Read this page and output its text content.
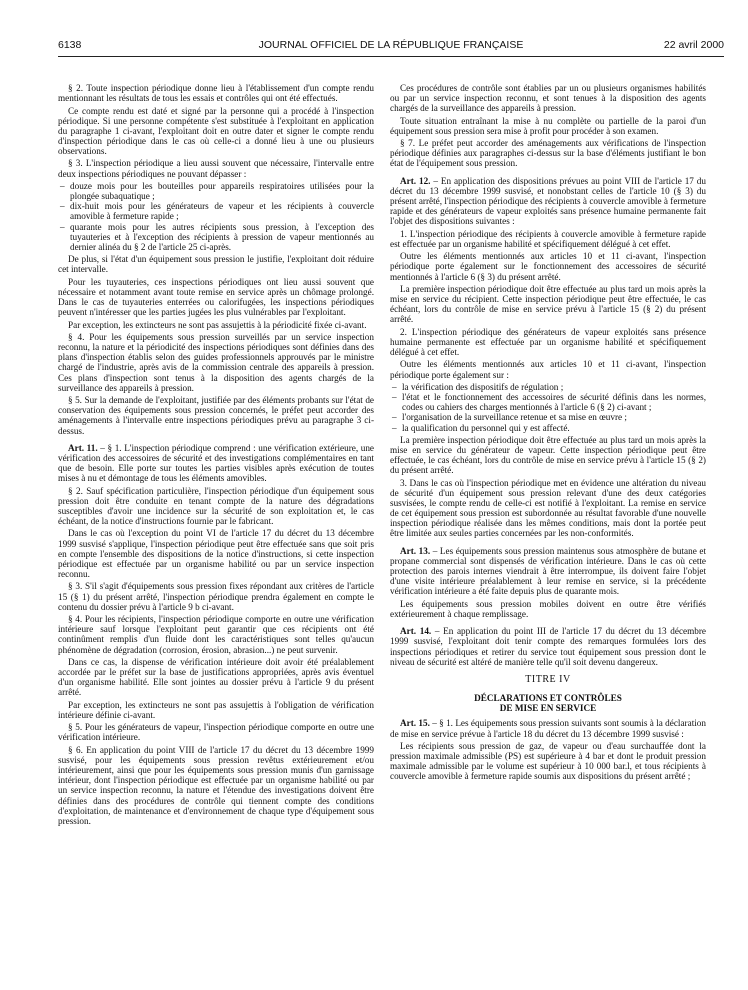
6138	JOURNAL OFFICIEL DE LA RÉPUBLIQUE FRANÇAISE	22 avril 2000

§ 2. Toute inspection périodique donne lieu à l'établissement d'un compte rendu mentionnant les résultats de tous les essais et contrôles qui ont été effectués.

Ce compte rendu est daté et signé par la personne qui a procédé à l'inspection périodique. Si une personne compétente s'est substituée à l'exploitant en application du paragraphe 1 ci-avant, l'exploitant doit en outre dater et signer le compte rendu d'inspection périodique dans le cas où celle-ci a donné lieu à une ou plusieurs observations.

§ 3. L'inspection périodique a lieu aussi souvent que nécessaire, l'intervalle entre deux inspections périodiques ne pouvant dépasser :

– douze mois pour les bouteilles pour appareils respiratoires utilisées pour la plongée subaquatique ;
– dix-huit mois pour les générateurs de vapeur et les récipients à couvercle amovible à fermeture rapide ;
– quarante mois pour les autres récipients sous pression, à l'exception des tuyauteries et à l'exception des récipients à pression de vapeur mentionnés au dernier alinéa du § 2 de l'article 25 ci-après.

De plus, si l'état d'un équipement sous pression le justifie, l'exploitant doit réduire cet intervalle.

Pour les tuyauteries, ces inspections périodiques ont lieu aussi souvent que nécessaire et notamment avant toute remise en service après un chômage prolongé. Dans le cas de tuyauteries enterrées ou calorifugées, les inspections périodiques peuvent n'intéresser que les parties jugées les plus vulnérables par l'exploitant.

Par exception, les extincteurs ne sont pas assujettis à la périodicité fixée ci-avant.

§ 4. Pour les équipements sous pression surveillés par un service inspection reconnu, la nature et la périodicité des inspections périodiques sont définies dans des plans d'inspection établis selon des guides professionnels approuvés par le ministre chargé de l'industrie, après avis de la commission centrale des appareils à pression. Ces plans d'inspection sont tenus à la disposition des agents chargés de la surveillance des appareils à pression.

§ 5. Sur la demande de l'exploitant, justifiée par des éléments probants sur l'état de conservation des équipements sous pression concernés, le préfet peut accorder des aménagements à l'intervalle entre inspections périodiques prévu au paragraphe 3 ci-dessus.

Art. 11. – § 1. L'inspection périodique comprend : une vérification extérieure, une vérification des accessoires de sécurité et des investigations complémentaires en tant que de besoin. Elle porte sur toutes les parties visibles après exécution de toutes mises à nu et démontage de tous les éléments amovibles.

§ 2. Sauf spécification particulière, l'inspection périodique d'un équipement sous pression doit être conduite en tenant compte de la nature des dégradations susceptibles d'avoir une incidence sur la sécurité de son exploitation et, le cas échéant, de la notice d'instructions fournie par le fabricant.

Dans le cas où l'exception du point VI de l'article 17 du décret du 13 décembre 1999 susvisé s'applique, l'inspection périodique peut être effectuée sans que soit pris en compte l'ensemble des dispositions de la notice d'instructions, si cette inspection périodique est effectuée par un organisme habilité ou par un service inspection reconnu.

§ 3. S'il s'agit d'équipements sous pression fixes répondant aux critères de l'article 15 (§ 1) du présent arrêté, l'inspection périodique prendra également en compte le contenu du dossier prévu à l'article 9 b ci-avant.

§ 4. Pour les récipients, l'inspection périodique comporte en outre une vérification intérieure sauf lorsque l'exploitant peut garantir que ces récipients ont été continûment remplis d'un fluide dont les caractéristiques sont telles qu'aucun phénomène de dégradation (corrosion, érosion, abrasion...) ne peut survenir.

Dans ce cas, la dispense de vérification intérieure doit avoir été préalablement accordée par le préfet sur la base de justifications appropriées, après avis éventuel d'un organisme habilité. Elle sont jointes au dossier prévu à l'article 9 du présent arrêté.

Par exception, les extincteurs ne sont pas assujettis à l'obligation de vérification intérieure définie ci-avant.

§ 5. Pour les générateurs de vapeur, l'inspection périodique comporte en outre une vérification intérieure.

§ 6. En application du point VIII de l'article 17 du décret du 13 décembre 1999 susvisé, pour les équipements sous pression revêtus extérieurement et/ou intérieurement, ainsi que pour les équipements sous pression munis d'un garnissage intérieur, dont l'inspection périodique est effectuée par un organisme habilité ou par un service inspection reconnu, la nature et l'étendue des investigations doivent être définies dans des procédures de contrôle qui tiennent compte des conditions d'exploitation, de maintenance et d'environnement de chaque type d'équipement sous pression.

Ces procédures de contrôle sont établies par un ou plusieurs organismes habilités ou par un service inspection reconnu, et sont tenues à la disposition des agents chargés de la surveillance des appareils à pression.

Toute situation entraînant la mise à nu complète ou partielle de la paroi d'un équipement sous pression sera mise à profit pour procéder à son examen.

§ 7. Le préfet peut accorder des aménagements aux vérifications de l'inspection périodique définies aux paragraphes ci-dessus sur la base d'éléments justifiant le bon état de l'équipement sous pression.

Art. 12. – En application des dispositions prévues au point VIII de l'article 17 du décret du 13 décembre 1999 susvisé, et nonobstant celles de l'article 10 (§ 3) du présent arrêté, l'inspection périodique des récipients à couvercle amovible à fermeture rapide et des générateurs de vapeur exploités sans présence humaine permanente fait l'objet des dispositions suivantes :

1. L'inspection périodique des récipients à couvercle amovible à fermeture rapide est effectuée par un organisme habilité et spécifiquement délégué à cet effet.

Outre les éléments mentionnés aux articles 10 et 11 ci-avant, l'inspection périodique porte également sur le fonctionnement des accessoires de sécurité mentionnés à l'article 6 (§ 3) du présent arrêté.

La première inspection périodique doit être effectuée au plus tard un mois après la mise en service du récipient. Cette inspection périodique peut être effectuée, le cas échéant, lors du contrôle de mise en service prévu à l'article 15 (§ 2) du présent arrêté.

2. L'inspection périodique des générateurs de vapeur exploités sans présence humaine permanente est effectuée par un organisme habilité et spécifiquement délégué à cet effet.

Outre les éléments mentionnés aux articles 10 et 11 ci-avant, l'inspection périodique porte également sur :

– la vérification des dispositifs de régulation ;
– l'état et le fonctionnement des accessoires de sécurité définis dans les normes, codes ou cahiers des charges mentionnés à l'article 6 (§ 2) ci-avant ;
– l'organisation de la surveillance retenue et sa mise en œuvre ;
– la qualification du personnel qui y est affecté.

La première inspection périodique doit être effectuée au plus tard un mois après la mise en service du générateur de vapeur. Cette inspection périodique peut être effectuée, le cas échéant, lors du contrôle de mise en service prévu à l'article 15 (§ 2) du présent arrêté.

3. Dans le cas où l'inspection périodique met en évidence une altération du niveau de sécurité d'un équipement sous pression relevant d'une des deux catégories susvisées, le compte rendu de celle-ci est notifié à l'exploitant. La remise en service de cet équipement sous pression est subordonnée au résultat favorable d'une nouvelle inspection périodique réalisée dans les mêmes conditions, mais dont la portée peut être limitée aux seules parties concernées par les non-conformités.

Art. 13. – Les équipements sous pression maintenus sous atmosphère de butane et propane commercial sont dispensés de vérification intérieure. Dans le cas où cette protection des parois internes viendrait à être interrompue, ils doivent faire l'objet d'une visite intérieure préalablement à leur remise en service, si la précédente vérification intérieure a été faite depuis plus de quarante mois.

Les équipements sous pression mobiles doivent en outre être vérifiés extérieurement à chaque remplissage.

Art. 14. – En application du point III de l'article 17 du décret du 13 décembre 1999 susvisé, l'exploitant doit tenir compte des remarques formulées lors des inspections périodiques et retirer du service tout équipement sous pression dont le niveau de sécurité est altéré de manière telle qu'il soit devenu dangereux.

TITRE IV

DÉCLARATIONS ET CONTRÔLES

DE MISE EN SERVICE

Art. 15. – § 1. Les équipements sous pression suivants sont soumis à la déclaration de mise en service prévue à l'article 18 du décret du 13 décembre 1999 susvisé :

Les récipients sous pression de gaz, de vapeur ou d'eau surchauffée dont la pression maximale admissible (PS) est supérieure à 4 bar et dont le produit pression maximale admissible par le volume est supérieur à 10 000 bar.l, et tous récipients à couvercle amovible à fermeture rapide soumis aux dispositions du présent arrêté ;
